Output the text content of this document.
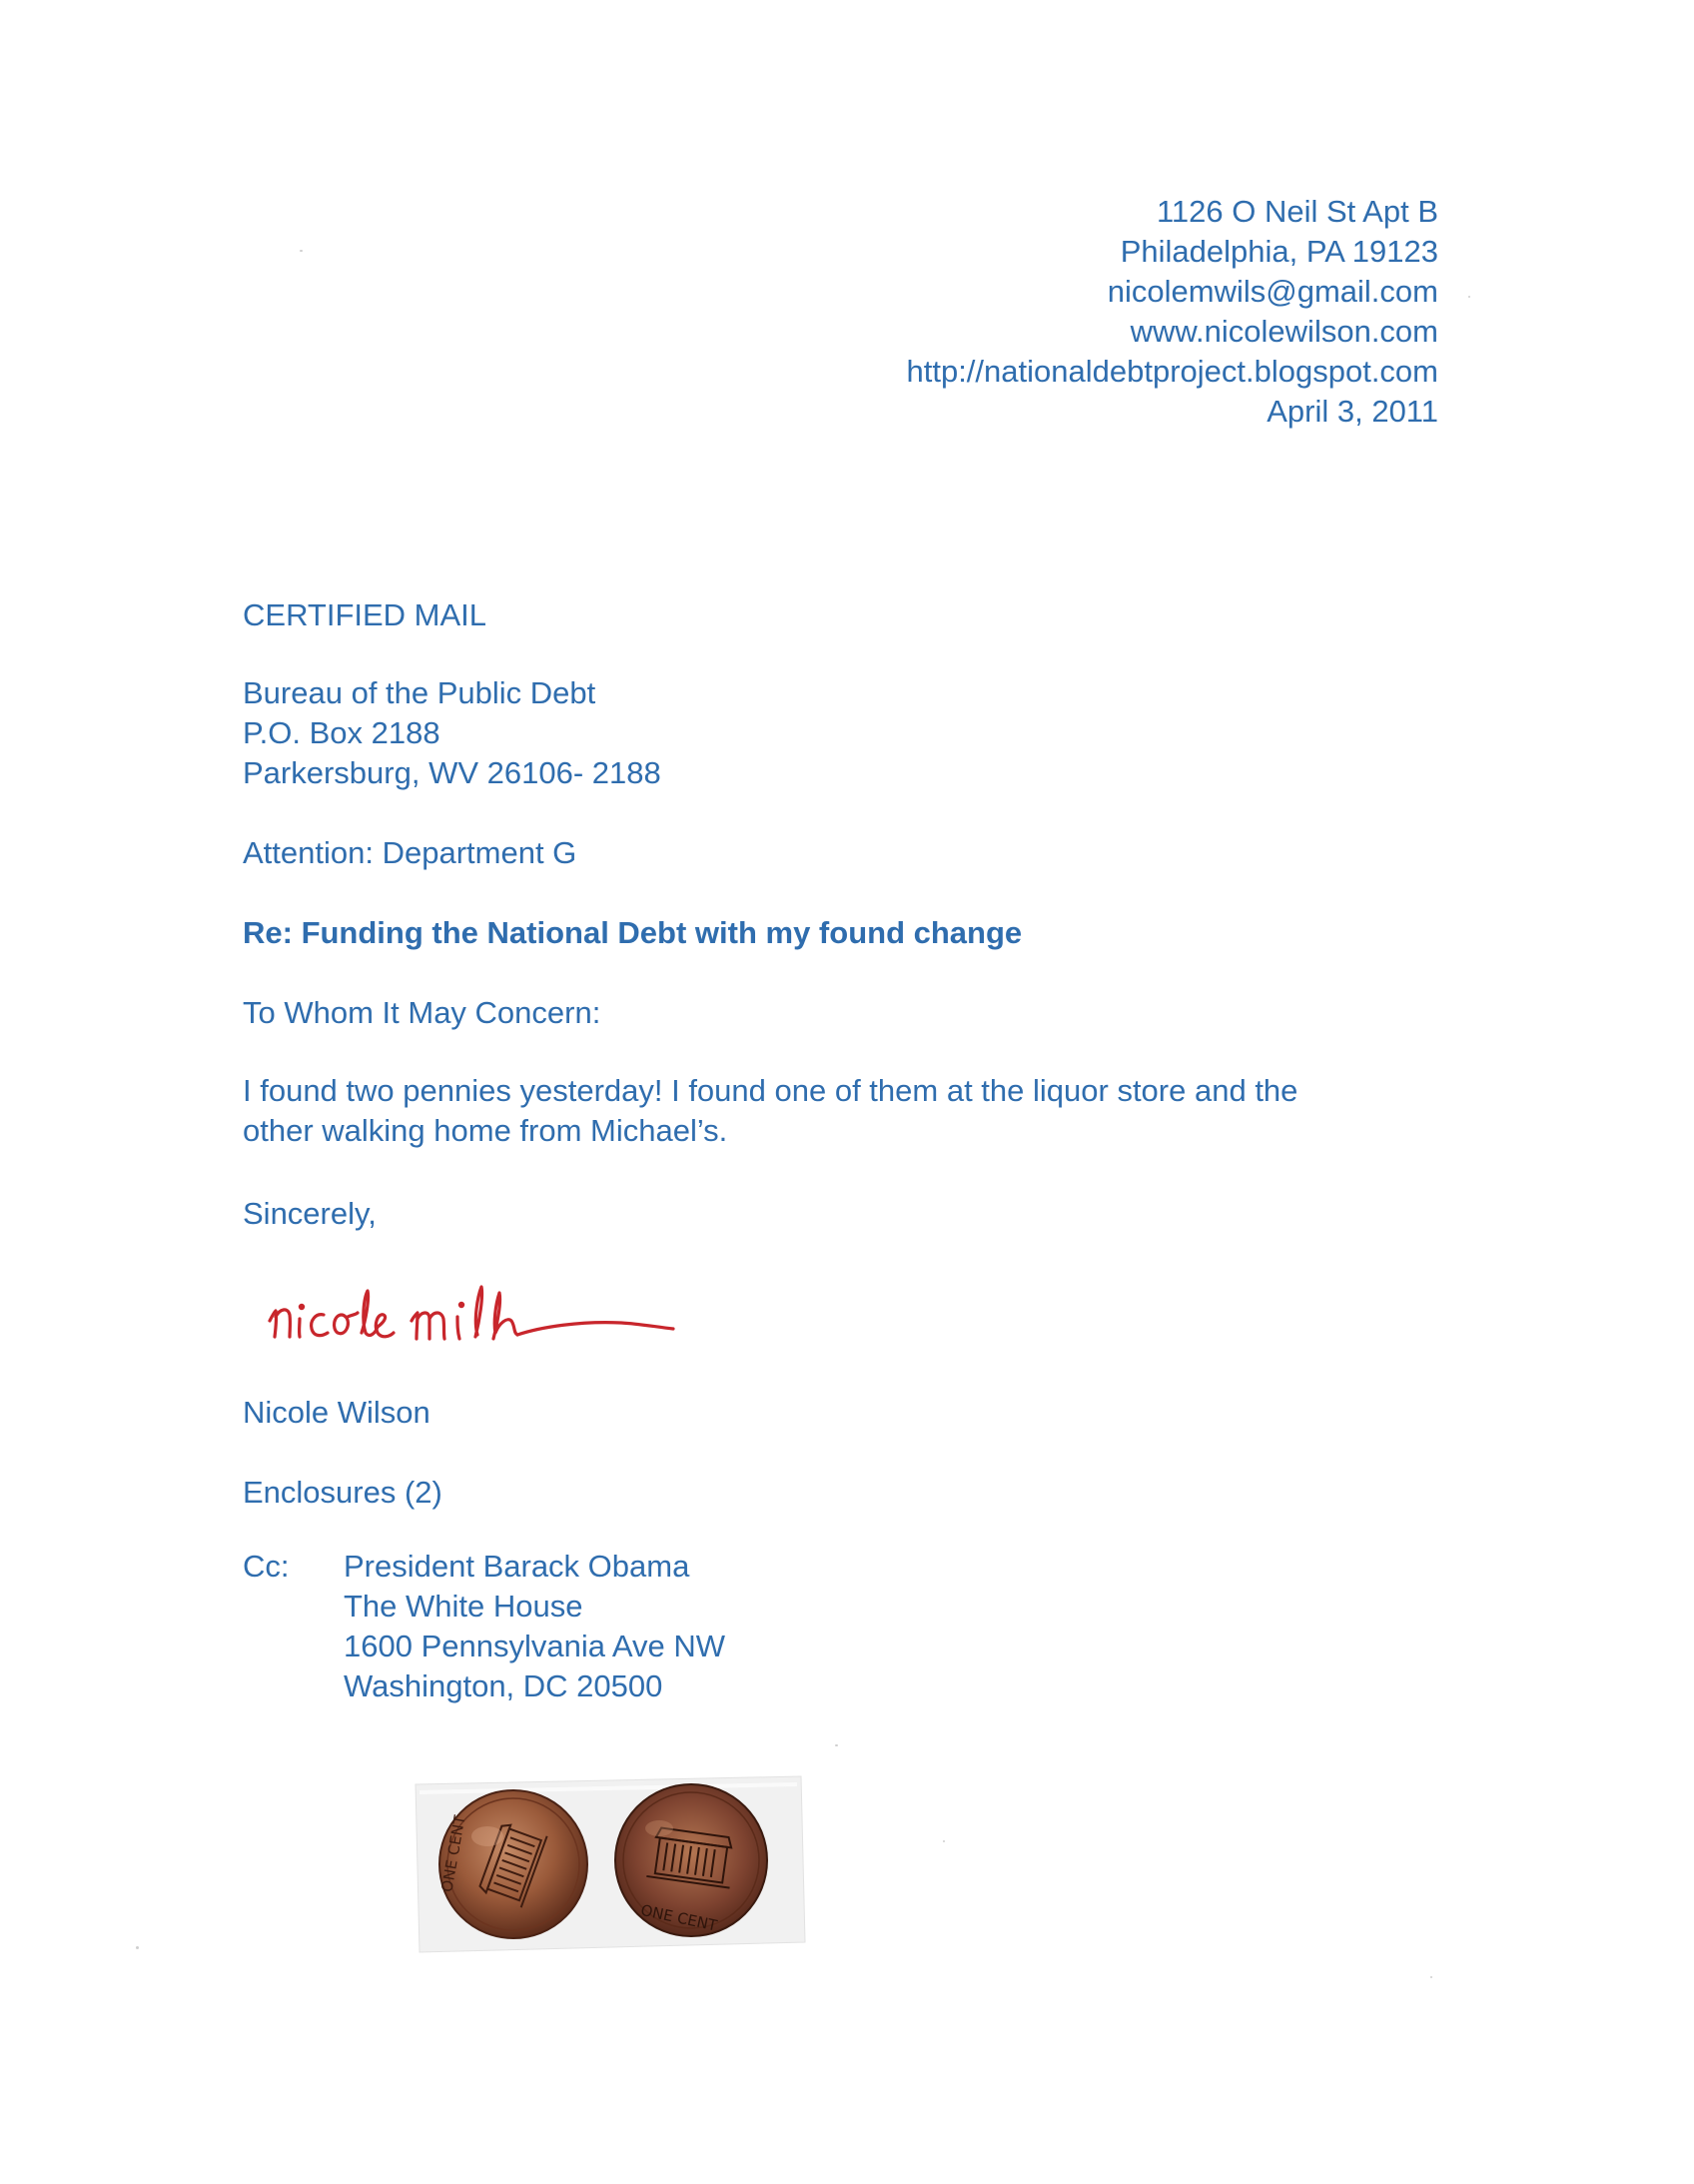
1126 O Neil St Apt B
Philadelphia, PA 19123
nicolemwils@gmail.com
www.nicolewilson.com
http://nationaldebtproject.blogspot.com
April 3, 2011
CERTIFIED MAIL
Bureau of the Public Debt
P.O. Box 2188
Parkersburg, WV 26106- 2188
Attention: Department G
Re: Funding the National Debt with my found change
To Whom It May Concern:
I found two pennies yesterday! I found one of them at the liquor store and the
other walking home from Michael’s.
Sincerely,
Nicole Wilson
Enclosures (2)
Cc: President Barack Obama
The White House
1600 Pennsylvania Ave NW
Washington, DC 20500
ONE CENT
ONE CENT
